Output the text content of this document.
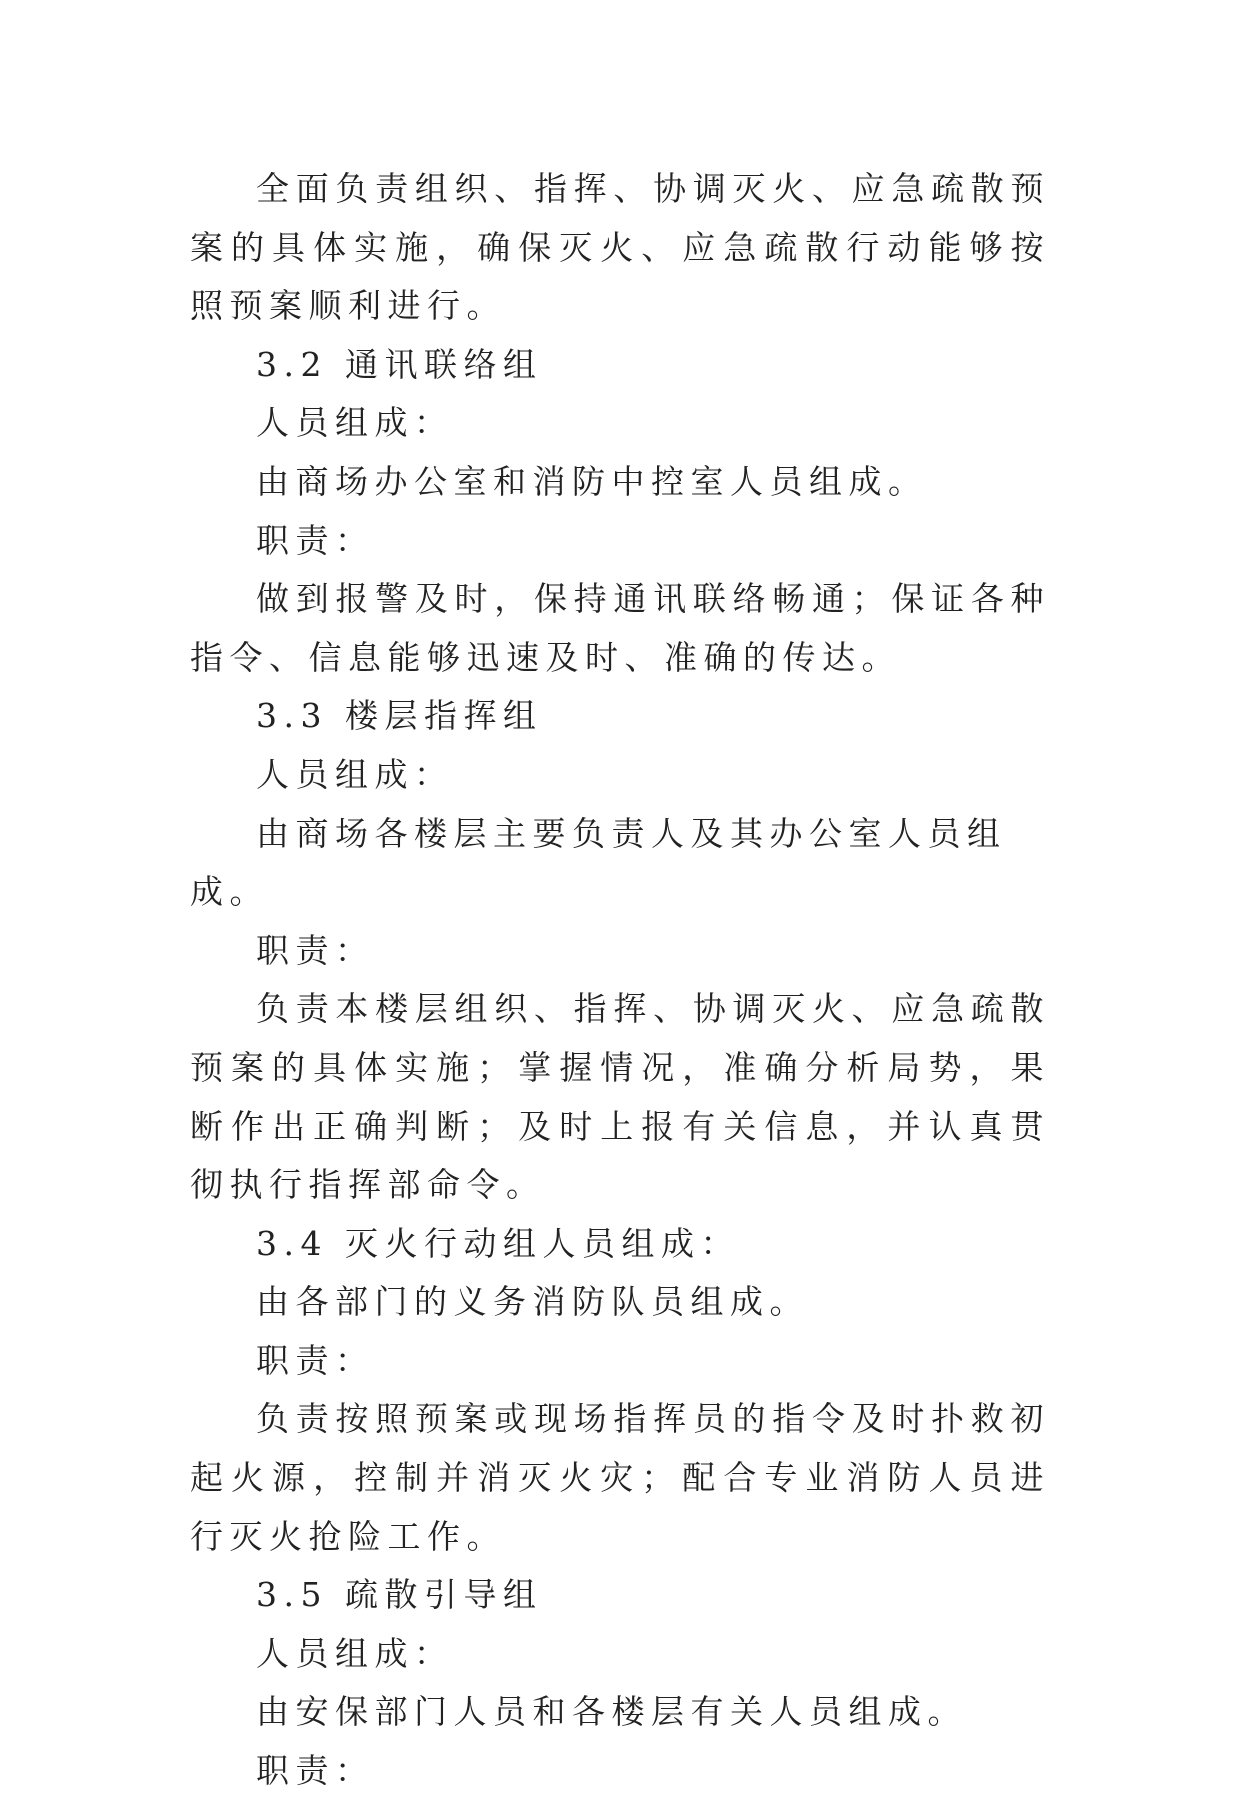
全面负责组织、指挥、协调灭火、应急疏散预案的具体实施，确保灭火、应急疏散行动能够按照预案顺利进行。

3.2 通讯联络组

人员组成：

由商场办公室和消防中控室人员组成。

职责：

做到报警及时，保持通讯联络畅通；保证各种指令、信息能够迅速及时、准确的传达。

3.3 楼层指挥组

人员组成：

由商场各楼层主要负责人及其办公室人员组成。

职责：

负责本楼层组织、指挥、协调灭火、应急疏散预案的具体实施；掌握情况，准确分析局势，果断作出正确判断；及时上报有关信息，并认真贯彻执行指挥部命令。

3.4 灭火行动组人员组成：

由各部门的义务消防队员组成。

职责：

负责按照预案或现场指挥员的指令及时扑救初起火源，控制并消灭火灾；配合专业消防人员进行灭火抢险工作。

3.5 疏散引导组

人员组成：

由安保部门人员和各楼层有关人员组成。

职责：
